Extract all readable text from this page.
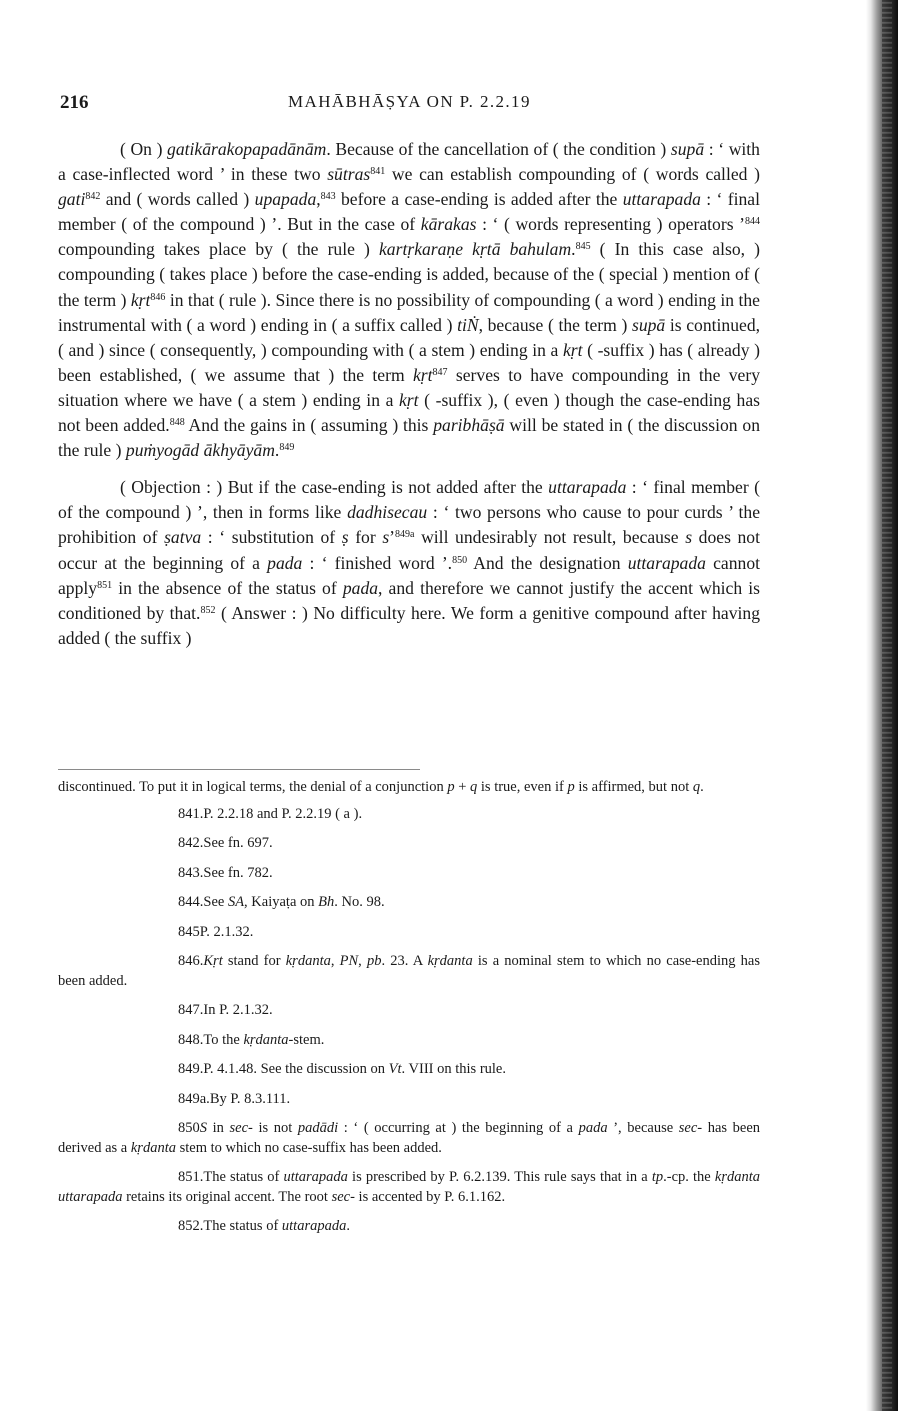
216	MAHĀBHĀṢYA ON P. 2.2.19

( On ) gatikārakopapadānām. Because of the cancellation of ( the condition ) supā : ‘ with a case-inflected word ’ in these two sūtras$^{841}$ we can establish compounding of ( words called ) gati$^{842}$ and ( words called ) upapada,$^{843}$ before a case-ending is added after the uttarapada : ‘ final member ( of the compound ) ’. But in the case of kārakas : ‘ ( words representing ) operators ’$^{844}$ compounding takes place by ( the rule ) kartṛkaraṇe kṛtā bahulam.$^{845}$ ( In this case also, ) compounding ( takes place ) before the case-ending is added, because of the ( special ) mention of ( the term ) kṛt$^{846}$ in that ( rule ). Since there is no possibility of compounding ( a word ) ending in the instrumental with ( a word ) ending in ( a suffix called ) tiṄ, because ( the term ) supā is continued, ( and ) since ( consequently, ) compounding with ( a stem ) ending in a kṛt ( -suffix ) has ( already ) been established, ( we assume that ) the term kṛt$^{847}$ serves to have compounding in the very situation where we have ( a stem ) ending in a kṛt ( -suffix ), ( even ) though the case-ending has not been added.$^{848}$ And the gains in ( assuming ) this paribhāṣā will be stated in ( the discussion on the rule ) puṁyogād ākhyāyām.$^{849}$

( Objection : ) But if the case-ending is not added after the uttarapada : ‘ final member ( of the compound ) ’, then in forms like dadhisecau : ‘ two persons who cause to pour curds ’ the prohibition of ṣatva : ‘ substitution of ṣ for s’$^{849a}$ will undesirably not result, because s does not occur at the beginning of a pada : ‘ finished word ’.$^{850}$ And the designation uttarapada cannot apply$^{851}$ in the absence of the status of pada, and therefore we cannot justify the accent which is conditioned by that.$^{852}$ ( Answer : ) No difficulty here. We form a genitive compound after having added ( the suffix )

discontinued. To put it in logical terms, the denial of a conjunction p + q is true, even if p is affirmed, but not q.

841.P. 2.2.18 and P. 2.2.19 ( a ).

842.See fn. 697.

843.See fn. 782.

844.See SA, Kaiyaṭa on Bh. No. 98.

845P. 2.1.32.

846.Kṛt stand for kṛdanta, PN, pb. 23. A kṛdanta is a nominal stem to which no case-ending has been added.

847.In P. 2.1.32.

848.To the kṛdanta-stem.

849.P. 4.1.48. See the discussion on Vt. VIII on this rule.

849a.By P. 8.3.111.

850S in sec- is not padādi : ‘ ( occurring at ) the beginning of a pada ’, because sec- has been derived as a kṛdanta stem to which no case-suffix has been added.

851.The status of uttarapada is prescribed by P. 6.2.139. This rule says that in a tp.-cp. the kṛdanta uttarapada retains its original accent. The root sec- is accented by P. 6.1.162.

852.The status of uttarapada.
